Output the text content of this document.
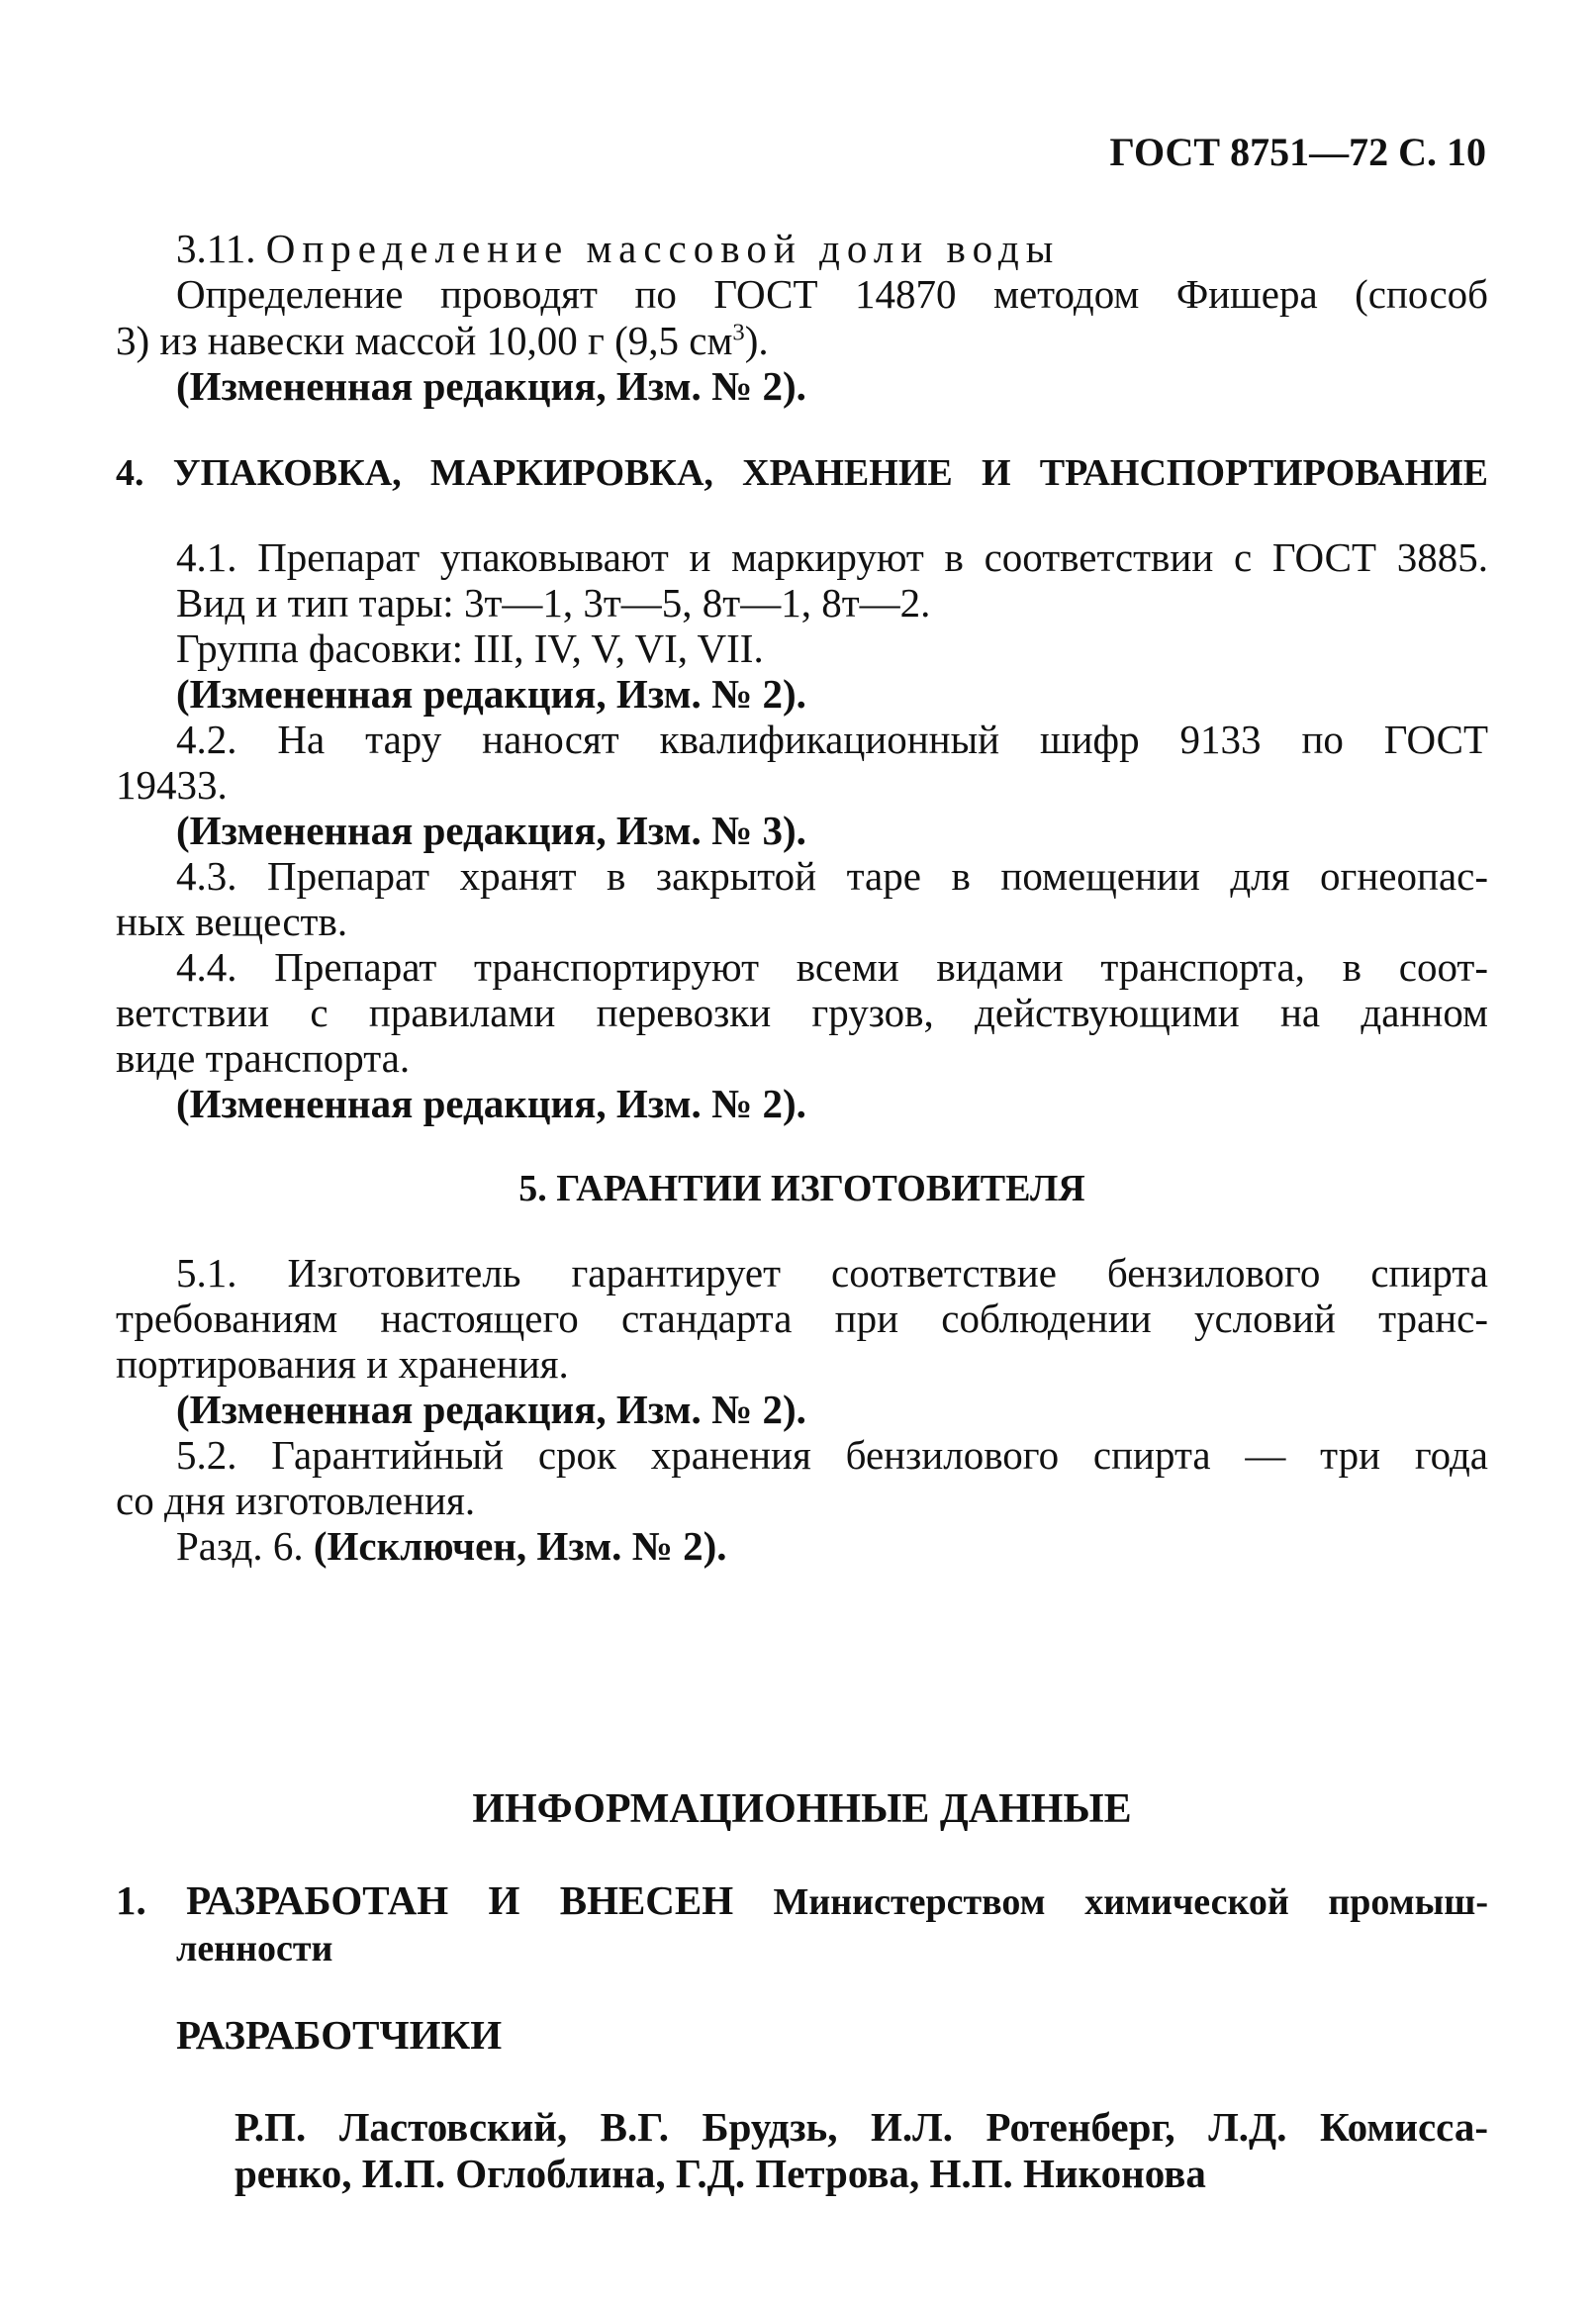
ГОСТ 8751—72 С. 10
3.11. Определение массовой доли воды
Определение проводят по ГОСТ 14870 методом Фишера (способ
3) из навески массой 10,00 г (9,5 $см^3$).
(Измененная редакция, Изм. № 2).
4. УПАКОВКА, МАРКИРОВКА, ХРАНЕНИЕ И ТРАНСПОРТИРОВАНИЕ
4.1. Препарат упаковывают и маркируют в соответствии с ГОСТ 3885.
Вид и тип тары: 3т—1, 3т—5, 8т—1, 8т—2.
Группа фасовки: III, IV, V, VI, VII.
(Измененная редакция, Изм. № 2).
4.2. На тару наносят квалификационный шифр 9133 по ГОСТ
19433.
(Измененная редакция, Изм. № 3).
4.3. Препарат хранят в закрытой таре в помещении для огнеопас-
ных веществ.
4.4. Препарат транспортируют всеми видами транспорта, в соот-
ветствии с правилами перевозки грузов, действующими на данном
виде транспорта.
(Измененная редакция, Изм. № 2).
5. ГАРАНТИИ ИЗГОТОВИТЕЛЯ
5.1. Изготовитель гарантирует соответствие бензилового спирта
требованиям настоящего стандарта при соблюдении условий транс-
портирования и хранения.
(Измененная редакция, Изм. № 2).
5.2. Гарантийный срок хранения бензилового спирта — три года
со дня изготовления.
Разд. 6. (Исключен, Изм. № 2).
ИНФОРМАЦИОННЫЕ ДАННЫЕ
1. РАЗРАБОТАН И ВНЕСЕН Министерством химической промыш-
ленности
РАЗРАБОТЧИКИ
Р.П. Ластовский, В.Г. Брудзь, И.Л. Ротенберг, Л.Д. Комисса-
ренко, И.П. Оглоблина, Г.Д. Петрова, Н.П. Никонова
